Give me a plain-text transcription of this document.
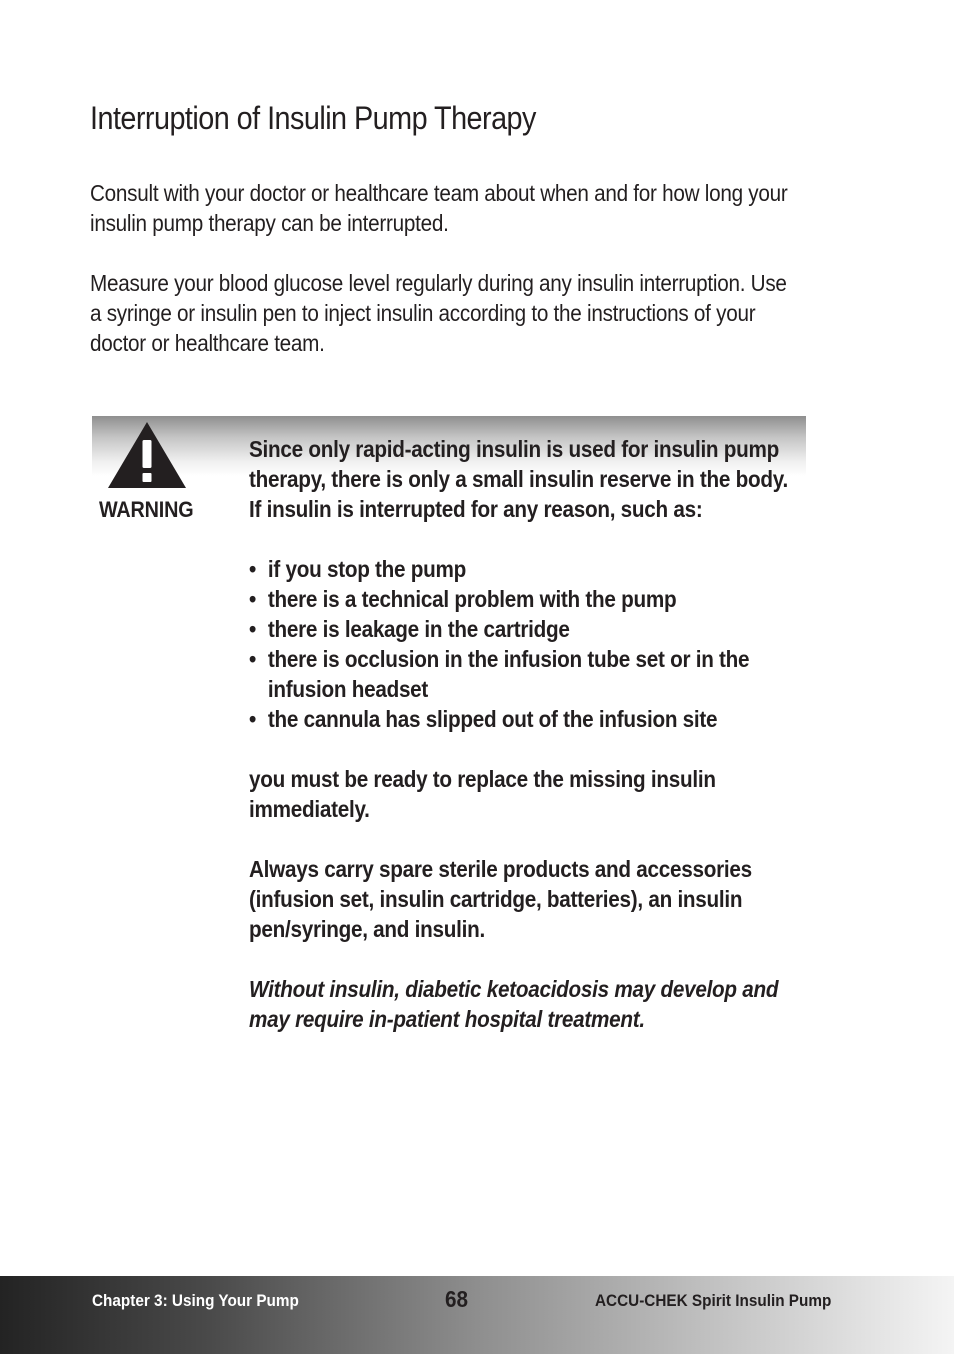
Interruption of Insulin Pump Therapy

Consult with your doctor or healthcare team about when and for how long your insulin pump therapy can be interrupted.

Measure your blood glucose level regularly during any insulin interruption. Use a syringe or insulin pen to inject insulin according to the instructions of your doctor or healthcare team.

WARNING

Since only rapid-acting insulin is used for insulin pump therapy, there is only a small insulin reserve in the body. If insulin is interrupted for any reason, such as:

• if you stop the pump
• there is a technical problem with the pump
• there is leakage in the cartridge
• there is occlusion in the infusion tube set or in the infusion headset
• the cannula has slipped out of the infusion site

you must be ready to replace the missing insulin immediately.

Always carry spare sterile products and accessories (infusion set, insulin cartridge, batteries), an insulin pen/syringe, and insulin.

Without insulin, diabetic ketoacidosis may develop and may require in-patient hospital treatment.

Chapter 3: Using Your Pump	68	ACCU-CHEK Spirit Insulin Pump
